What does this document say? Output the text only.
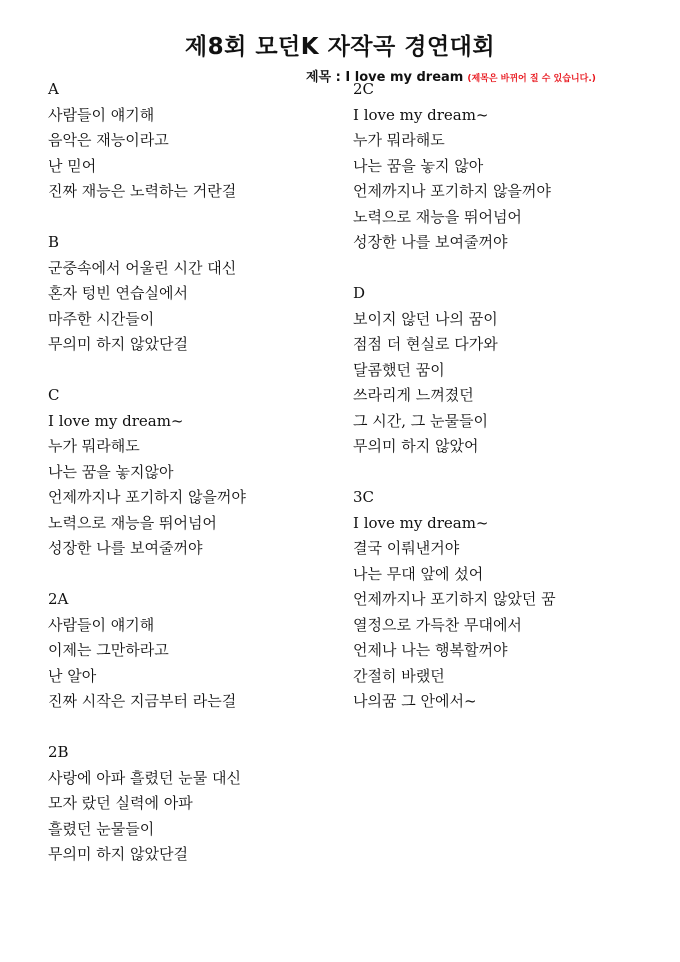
제8회 모던K 자작곡 경연대회
제목 : I love my dream (제목은 바뀌어 질 수 있습니다.)
A
사람들이 얘기해
음악은 재능이라고
난 믿어
진짜 재능은 노력하는 거란걸
B
군중속에서 어울린 시간 대신
혼자 텅빈 연습실에서
마주한 시간들이
무의미 하지 않았단걸
C
I love my dream~
누가 뭐라해도
나는 꿈을 놓지않아
언제까지나 포기하지 않을꺼야
노력으로 재능을 뛰어넘어
성장한 나를 보여줄꺼야
2A
사람들이 얘기해
이제는 그만하라고
난 알아
진짜 시작은 지금부터 라는걸
2B
사랑에 아파 흘렸던 눈물 대신
모자 랐던 실력에 아파
흘렸던 눈물들이
무의미 하지 않았단걸
2C
I love my dream~
누가 뭐라해도
나는 꿈을 놓지 않아
언제까지나 포기하지 않을꺼야
노력으로 재능을 뛰어넘어
성장한 나를 보여줄꺼야
D
보이지 않던 나의 꿈이
점점 더 현실로 다가와
달콤했던 꿈이
쓰라리게 느껴졌던
그 시간, 그 눈물들이
무의미 하지 않았어
3C
I love my dream~
결국 이뤄낸거야
나는 무대 앞에 섰어
언제까지나 포기하지 않았던 꿈
열정으로 가득찬 무대에서
언제나 나는 행복할꺼야
간절히 바랬던
나의꿈 그 안에서~
